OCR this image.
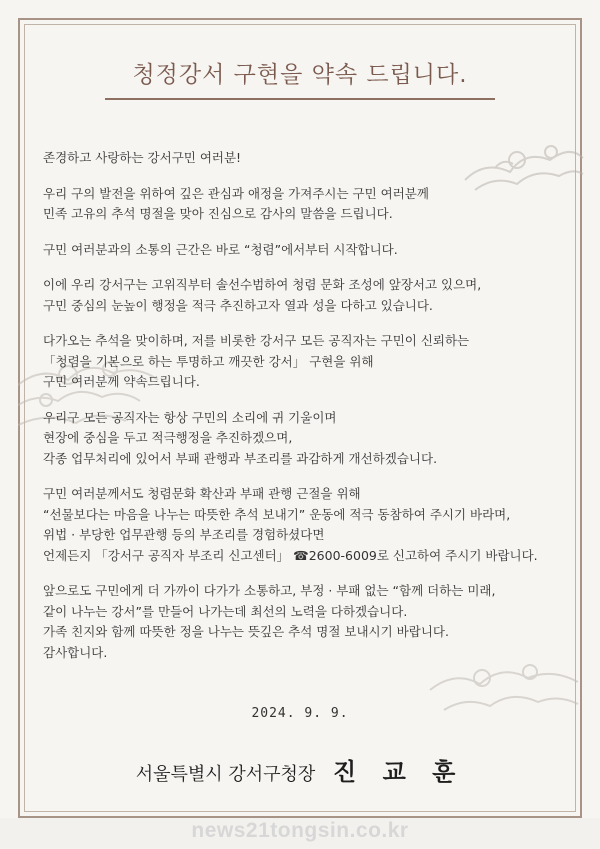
청정강서 구현을 약속 드립니다.
존경하고 사랑하는 강서구민 여러분!
우리 구의 발전을 위하여 깊은 관심과 애정을 가져주시는 구민 여러분께
민족 고유의 추석 명절을 맞아 진심으로 감사의 말씀을 드립니다.
구민 여러분과의 소통의 근간은 바로 “청렴”에서부터 시작합니다.
이에 우리 강서구는 고위직부터 솔선수범하여 청렴 문화 조성에 앞장서고 있으며,
구민 중심의 눈높이 행정을 적극 추진하고자 열과 성을 다하고 있습니다.
다가오는 추석을 맞이하며, 저를 비롯한 강서구 모든 공직자는 구민이 신뢰하는
「청렴을 기본으로 하는 투명하고 깨끗한 강서」 구현을 위해
구민 여러분께 약속드립니다.
우리구 모든 공직자는 항상 구민의 소리에 귀 기울이며
현장에 중심을 두고 적극행정을 추진하겠으며,
각종 업무처리에 있어서 부패 관행과 부조리를 과감하게 개선하겠습니다.
구민 여러분께서도 청렴문화 확산과 부패 관행 근절을 위해
“선물보다는 마음을 나누는 따뜻한 추석 보내기” 운동에 적극 동참하여 주시기 바라며,
위법 · 부당한 업무관행 등의 부조리를 경험하셨다면
언제든지 「강서구 공직자 부조리 신고센터」 ☎2600-6009로 신고하여 주시기 바랍니다.
앞으로도 구민에게 더 가까이 다가가 소통하고, 부정 · 부패 없는 “함께 더하는 미래,
같이 나누는 강서”를 만들어 나가는데 최선의 노력을 다하겠습니다.
가족 친지와 함께 따뜻한 정을 나누는 뜻깊은 추석 명절 보내시기 바랍니다.
감사합니다.
2024. 9. 9.
서울특별시 강서구청장 진 교 훈
news21tongsin.co.kr
